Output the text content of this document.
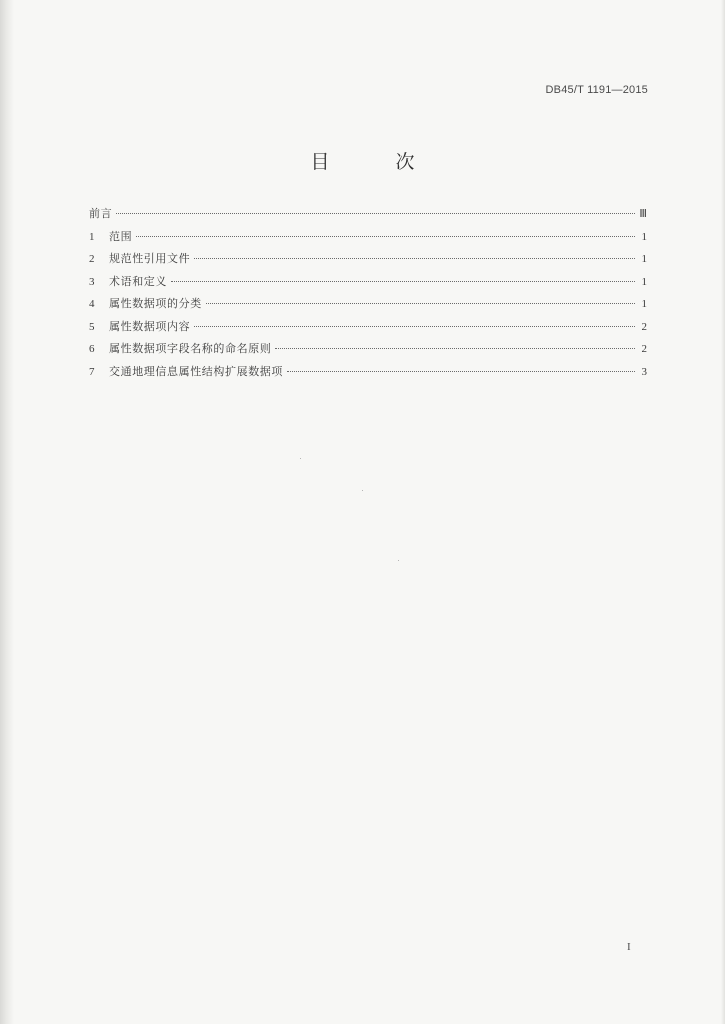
DB45/T 1191—2015
目 次
前言	Ⅲ
1	范围	1
2	规范性引用文件	1
3	术语和定义	1
4	属性数据项的分类	1
5	属性数据项内容	2
6	属性数据项字段名称的命名原则	2
7	交通地理信息属性结构扩展数据项	3
I
